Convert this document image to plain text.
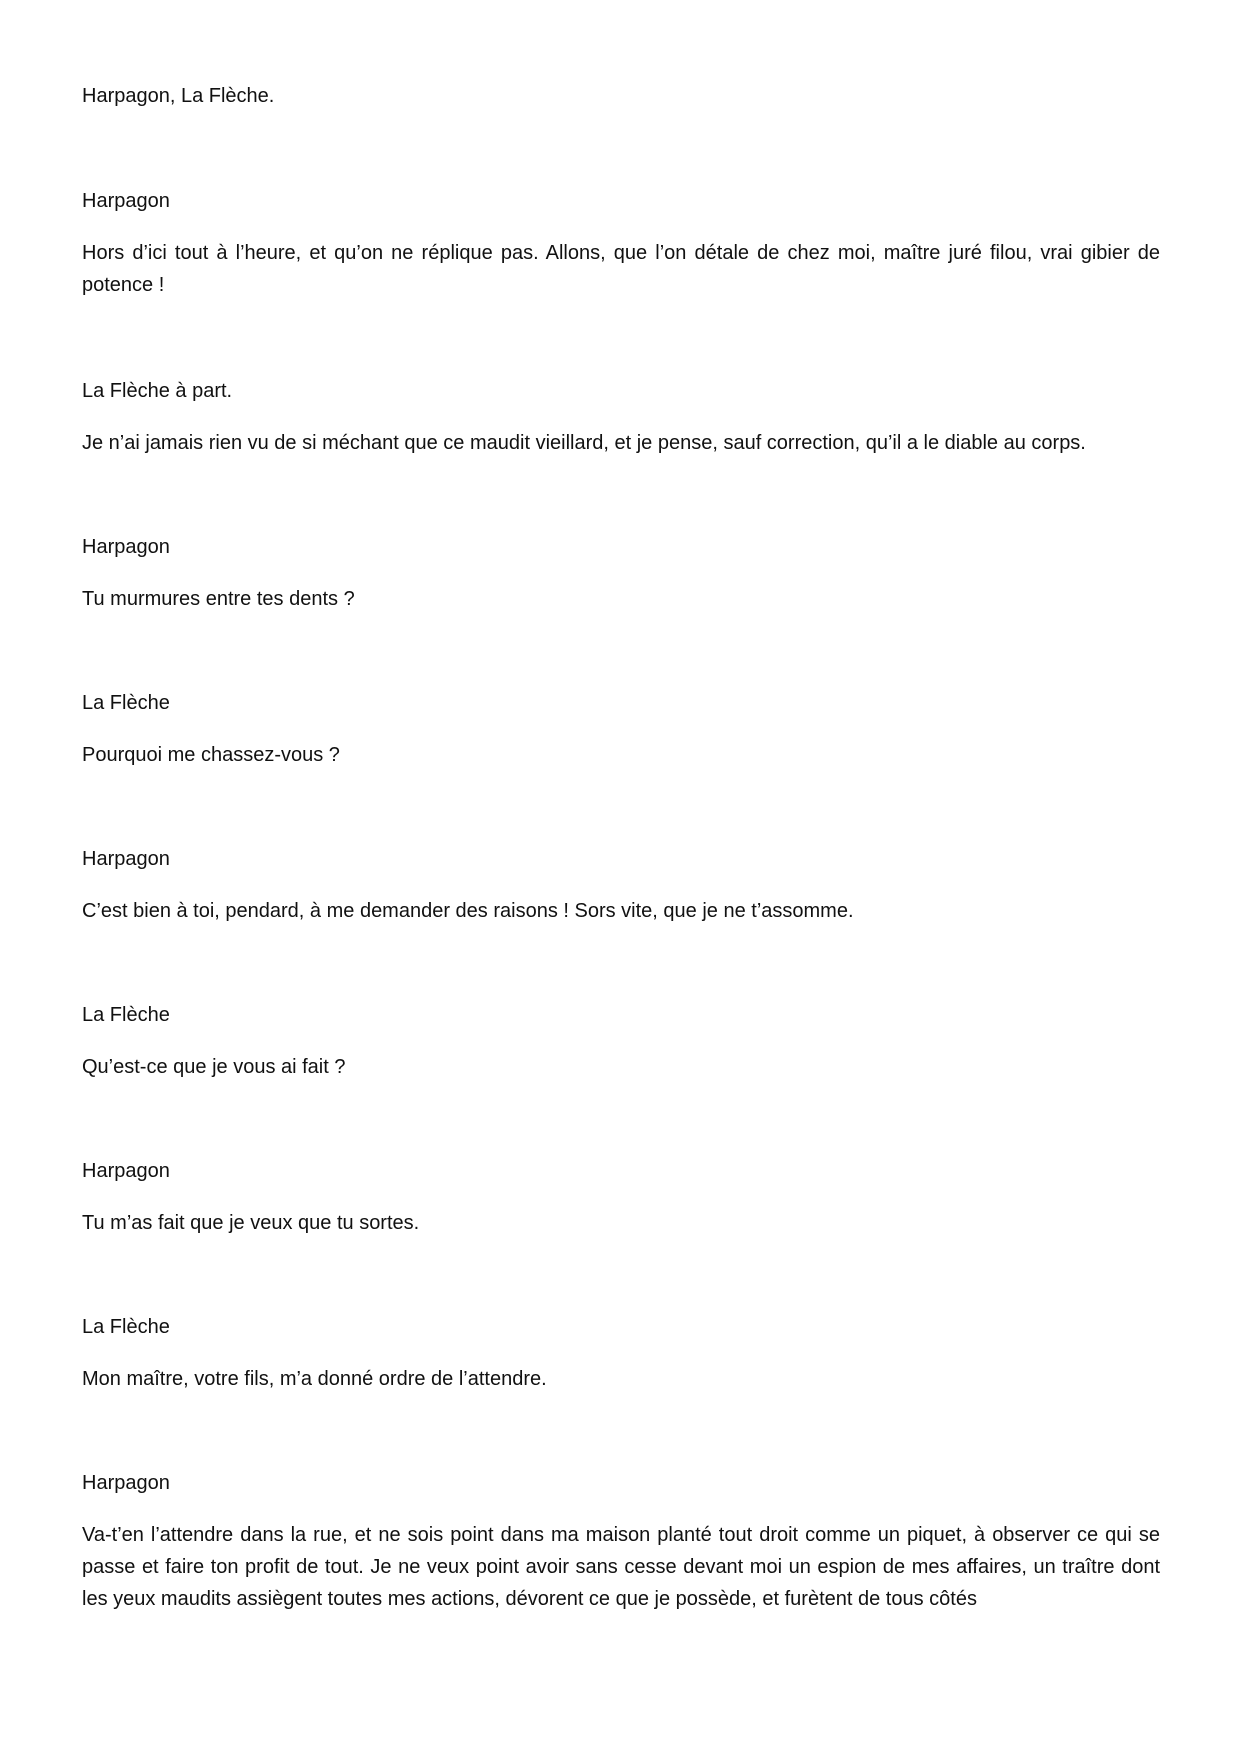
Harpagon, La Flèche.

Harpagon

Hors d’ici tout à l’heure, et qu’on ne réplique pas. Allons, que l’on détale de chez moi, maître juré filou, vrai gibier de potence !

La Flèche à part.

Je n’ai jamais rien vu de si méchant que ce maudit vieillard, et je pense, sauf correction, qu’il a le diable au corps.

Harpagon

Tu murmures entre tes dents ?

La Flèche

Pourquoi me chassez-vous ?

Harpagon

C’est bien à toi, pendard, à me demander des raisons ! Sors vite, que je ne t’assomme.

La Flèche

Qu’est-ce que je vous ai fait ?

Harpagon

Tu m’as fait que je veux que tu sortes.

La Flèche

Mon maître, votre fils, m’a donné ordre de l’attendre.

Harpagon

Va-t’en l’attendre dans la rue, et ne sois point dans ma maison planté tout droit comme un piquet, à observer ce qui se passe et faire ton profit de tout. Je ne veux point avoir sans cesse devant moi un espion de mes affaires, un traître dont les yeux maudits assiègent toutes mes actions, dévorent ce que je possède, et furètent de tous côtés
